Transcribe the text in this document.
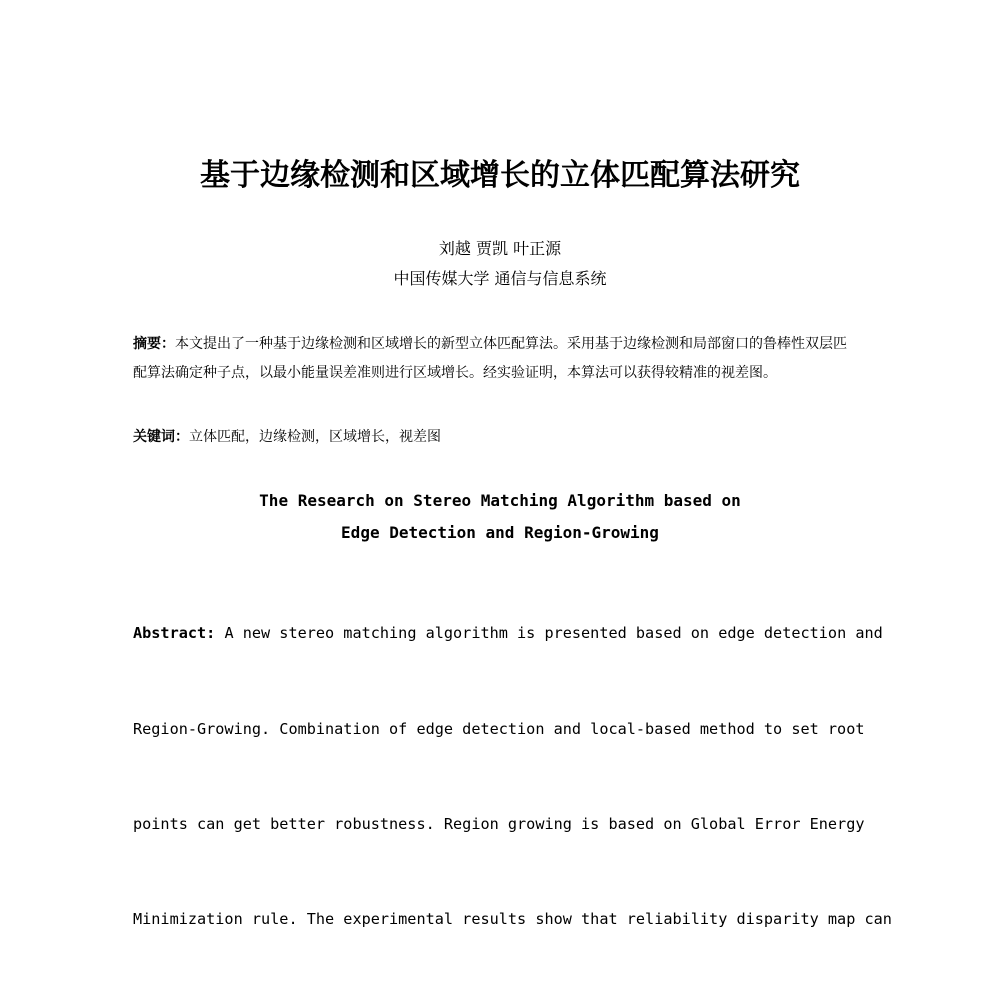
基于边缘检测和区域增长的立体匹配算法研究
刘越 贾凯 叶正源
中国传媒大学 通信与信息系统
摘要：本文提出了一种基于边缘检测和区域增长的新型立体匹配算法。采用基于边缘检测和局部窗口的鲁棒性双层匹配算法确定种子点，以最小能量误差准则进行区域增长。经实验证明，本算法可以获得较精准的视差图。
关键词：立体匹配，边缘检测，区域增长，视差图
The Research on Stereo Matching Algorithm based on
Edge Detection and Region-Growing

Abstract: A new stereo matching algorithm is presented based on edge detection and

Region-Growing. Combination of edge detection and local-based method to set root

points can get better robustness. Region growing is based on Global Error Energy

Minimization rule. The experimental results show that reliability disparity map can
